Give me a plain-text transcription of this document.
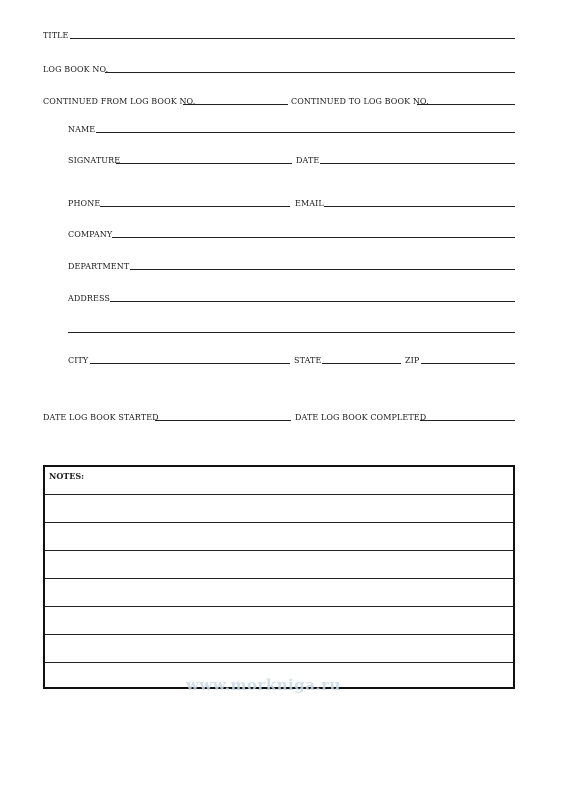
TITLE
LOG BOOK NO.
CONTINUED FROM LOG BOOK NO.	CONTINUED TO LOG BOOK NO.
NAME
SIGNATURE	DATE
PHONE	EMAIL
COMPANY
DEPARTMENT
ADDRESS
CITY	STATE	ZIP
DATE LOG BOOK STARTED	DATE LOG BOOK COMPLETED
NOTES:
www.morkniga.ru
